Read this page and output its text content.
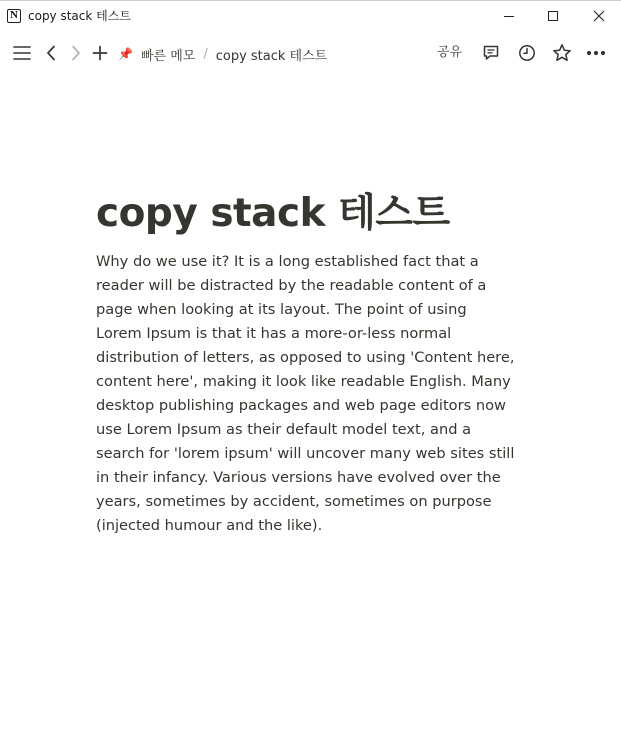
N copy stack 테스트
📌 빠른 메모 / copy stack 테스트	공유
copy stack 테스트
Why do we use it? It is a long established fact that a reader will be distracted by the readable content of a page when looking at its layout. The point of using Lorem Ipsum is that it has a more-or-less normal distribution of letters, as opposed to using 'Content here, content here', making it look like readable English. Many desktop publishing packages and web page editors now use Lorem Ipsum as their default model text, and a search for 'lorem ipsum' will uncover many web sites still in their infancy. Various versions have evolved over the years, sometimes by accident, sometimes on purpose (injected humour and the like).
